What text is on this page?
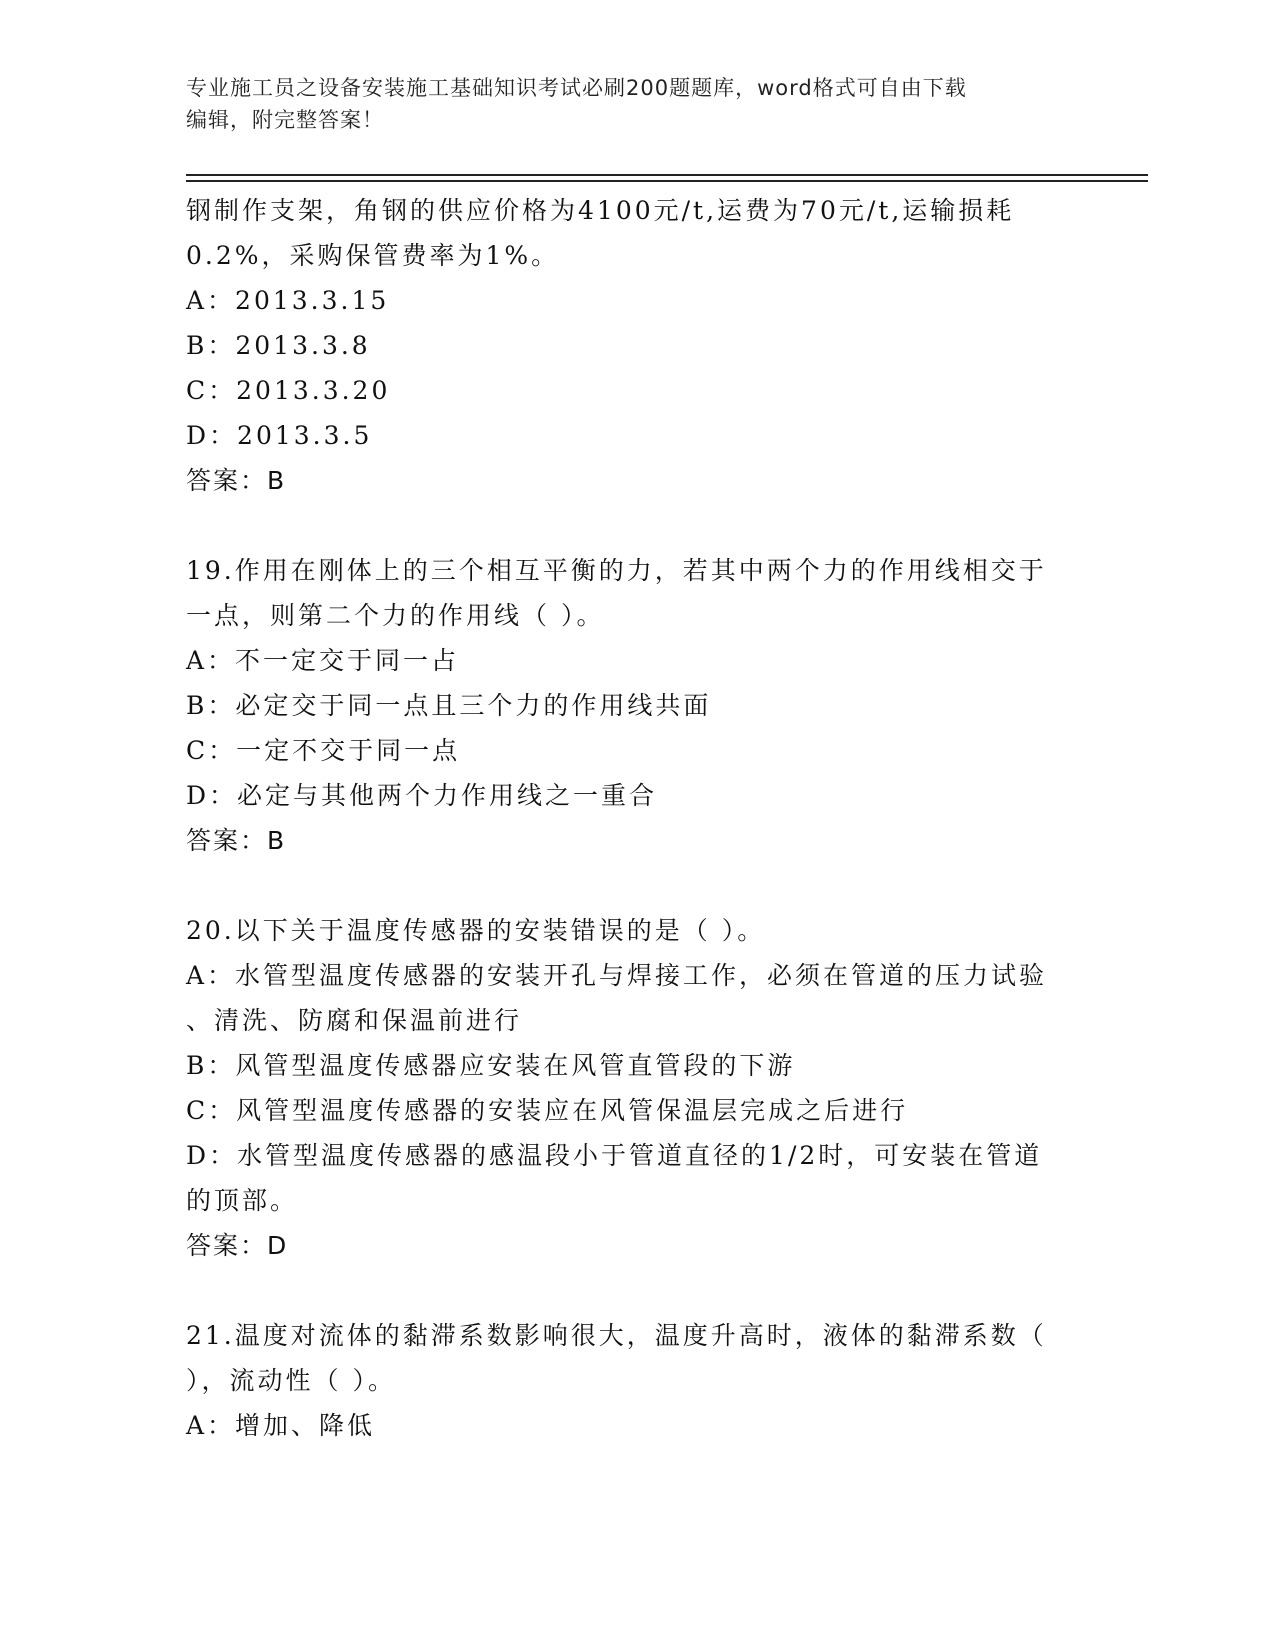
专业施工员之设备安装施工基础知识考试必刷200题题库，word格式可自由下载
编辑，附完整答案！
钢制作支架，角钢的供应价格为4100元/t,运费为70元/t,运输损耗
0.2%，采购保管费率为1%。
A：2013.3.15
B：2013.3.8
C：2013.3.20
D：2013.3.5
答案：B
19.作用在刚体上的三个相互平衡的力，若其中两个力的作用线相交于
一点，则第二个力的作用线（ ）。
A：不一定交于同一占
B：必定交于同一点且三个力的作用线共面
C：一定不交于同一点
D：必定与其他两个力作用线之一重合
答案：B
20.以下关于温度传感器的安装错误的是（ ）。
A：水管型温度传感器的安装开孔与焊接工作，必须在管道的压力试验
、清洗、防腐和保温前进行
B：风管型温度传感器应安装在风管直管段的下游
C：风管型温度传感器的安装应在风管保温层完成之后进行
D：水管型温度传感器的感温段小于管道直径的1/2时，可安装在管道
的顶部。
答案：D
21.温度对流体的黏滞系数影响很大，温度升高时，液体的黏滞系数（
），流动性（ ）。
A：增加、降低
